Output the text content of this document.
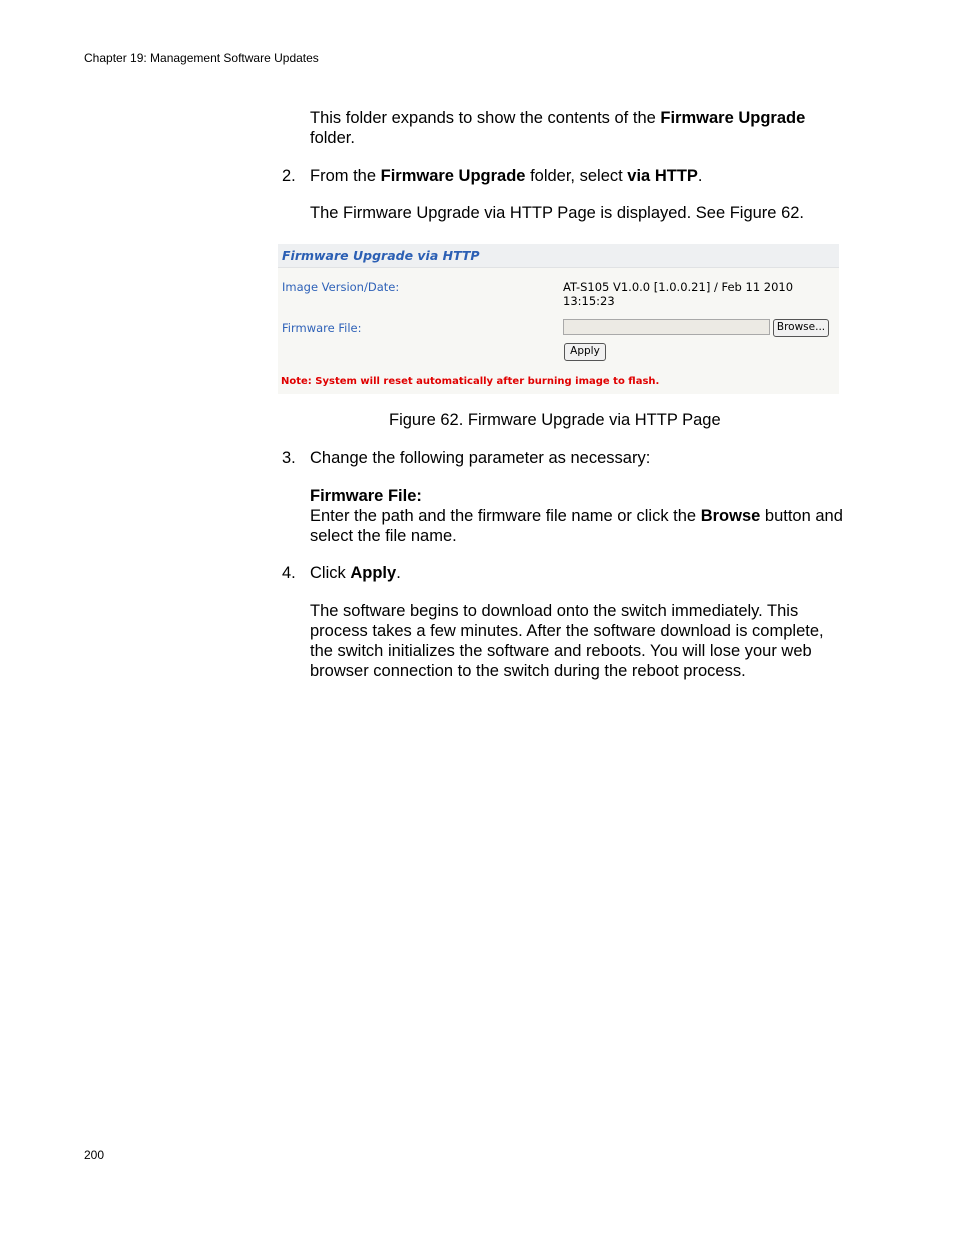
Chapter 19: Management Software Updates
This folder expands to show the contents of the Firmware Upgrade
folder.
2. From the Firmware Upgrade folder, select via HTTP.
The Firmware Upgrade via HTTP Page is displayed. See Figure 62.
Firmware Upgrade via HTTP
Image Version/Date:	AT-S105 V1.0.0 [1.0.0.21] / Feb 11 2010 13:15:23
Firmware File:	Browse...
Apply
Note: System will reset automatically after burning image to flash.
Figure 62. Firmware Upgrade via HTTP Page
3. Change the following parameter as necessary:
Firmware File:
Enter the path and the firmware file name or click the Browse button and select the file name.
4. Click Apply.
The software begins to download onto the switch immediately. This process takes a few minutes. After the software download is complete, the switch initializes the software and reboots. You will lose your web browser connection to the switch during the reboot process.
200
